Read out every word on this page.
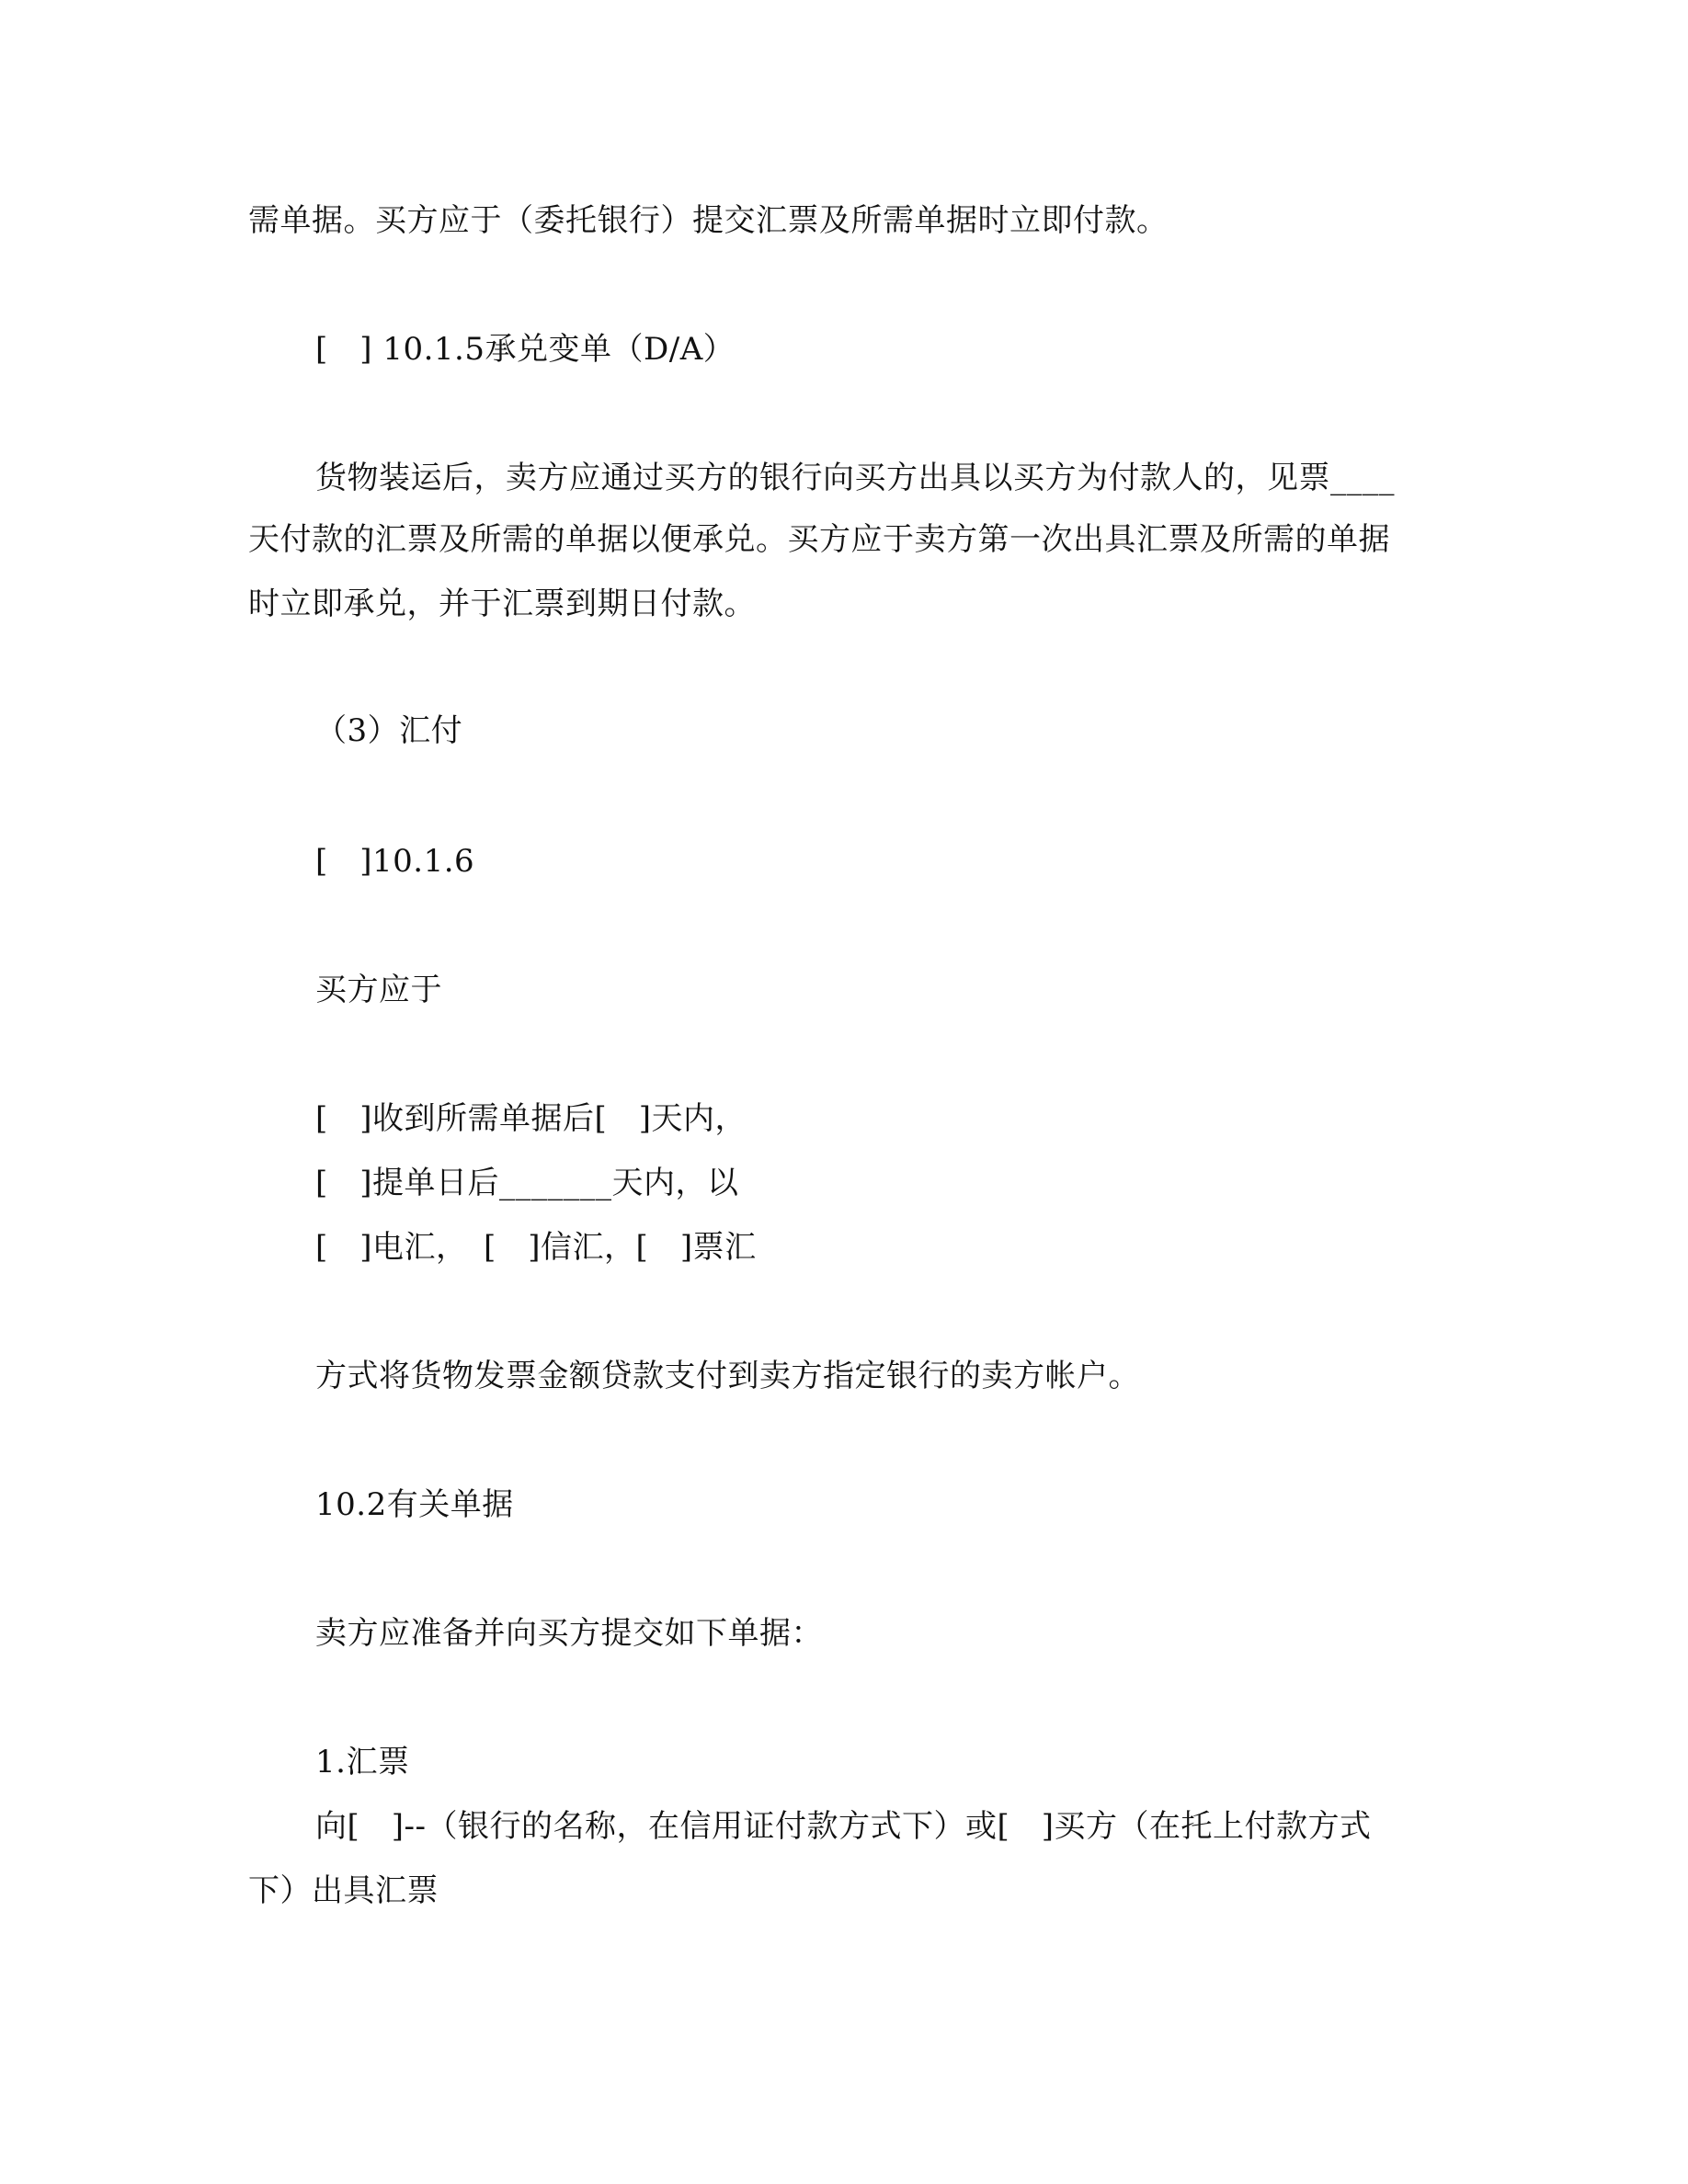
需单据。买方应于（委托银行）提交汇票及所需单据时立即付款。
[　] 10.1.5承兑变单（D/A）
货物装运后，卖方应通过买方的银行向买方出具以买方为付款人的，见票____
天付款的汇票及所需的单据以便承兑。买方应于卖方第一次出具汇票及所需的单据
时立即承兑，并于汇票到期日付款。
（3）汇付
[　]10.1.6
买方应于
[　]收到所需单据后[　]天内，
[　]提单日后_______天内，以
[　]电汇，　[　]信汇，[　]票汇
方式将货物发票金额贷款支付到卖方指定银行的卖方帐户。
10.2有关单据
卖方应准备并向买方提交如下单据：
1.汇票
向[　]--（银行的名称，在信用证付款方式下）或[　]买方（在托上付款方式
下）出具汇票
